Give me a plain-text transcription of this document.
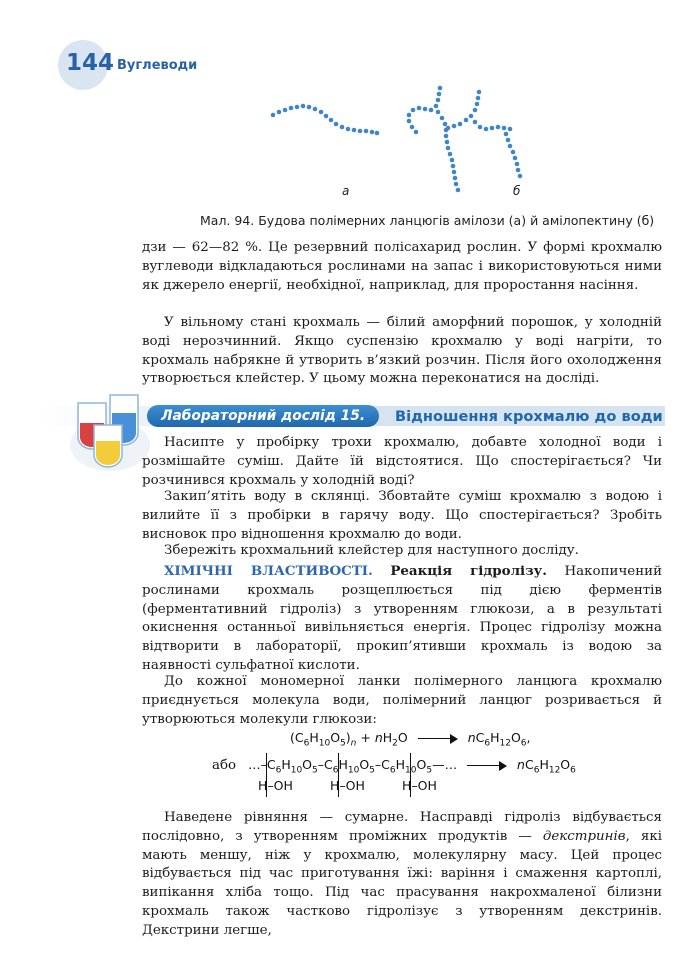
144 Вуглеводи
а	б
Мал. 94. Будова полімерних ланцюгів амілози (а) й амілопектину (б)
дзи — 62—82 %. Це резервний полісахарид рослин. У формі крохмалю вуглеводи відкладаються рослинами на запас і використовуються ними як джерело енергії, необхідної, наприклад, для проростання насіння.
У вільному стані крохмаль — білий аморфний порошок, у холодній воді нерозчинний. Якщо суспензію крохмалю у воді нагріти, то крохмаль набрякне й утворить в’язкий розчин. Після його охолодження утворюється клейстер. У цьому можна переконатися на досліді.
Лабораторний дослід 15.	Відношення крохмалю до води
Насипте у пробірку трохи крохмалю, добавте холодної води і розмішайте суміш. Дайте їй відстоятися. Що спостерігається? Чи розчинився крохмаль у холодній воді?
Закип’ятіть воду в склянці. Збовтайте суміш крохмалю з водою і вилийте її з пробірки в гарячу воду. Що спостерігається? Зробіть висновок про відношення крохмалю до води.
Збережіть крохмальний клейстер для наступного досліду.
ХІМІЧНІ ВЛАСТИВОСТІ. Реакція гідролізу. Накопичений рослинами крохмаль розщеплюється під дією ферментів (ферментативний гідроліз) з утворенням глюкози, а в результаті окиснення останньої вивільняється енергія. Процес гідролізу можна відтворити в лабораторії, прокип’ятивши крохмаль із водою за наявності сульфатної кислоти.
До кожної мономерної ланки полімерного ланцюга крохмалю приєднується молекула води, полімерний ланцюг розривається й утворюються молекули глюкози:
$(C_6H_{10}O_5)_n + nH_2O$	$nC_6H_{12}O_6$,
або $\dots-C_6H_{10}O_5-C_6H_{10}O_5-C_6H_{10}O_5—\dots$	$nC_6H_{12}O_6$
H–OH	H–OH	H–OH
Наведене рівняння — сумарне. Насправді гідроліз відбувається послідовно, з утворенням проміжних продуктів — декстринів, які мають меншу, ніж у крохмалю, молекулярну масу. Цей процес відбувається під час приготування їжі: варіння і смаження картоплі, випікання хліба тощо. Під час прасування накрохмаленої білизни крохмаль також частково гідролізує з утворенням декстринів. Декстрини легше,
